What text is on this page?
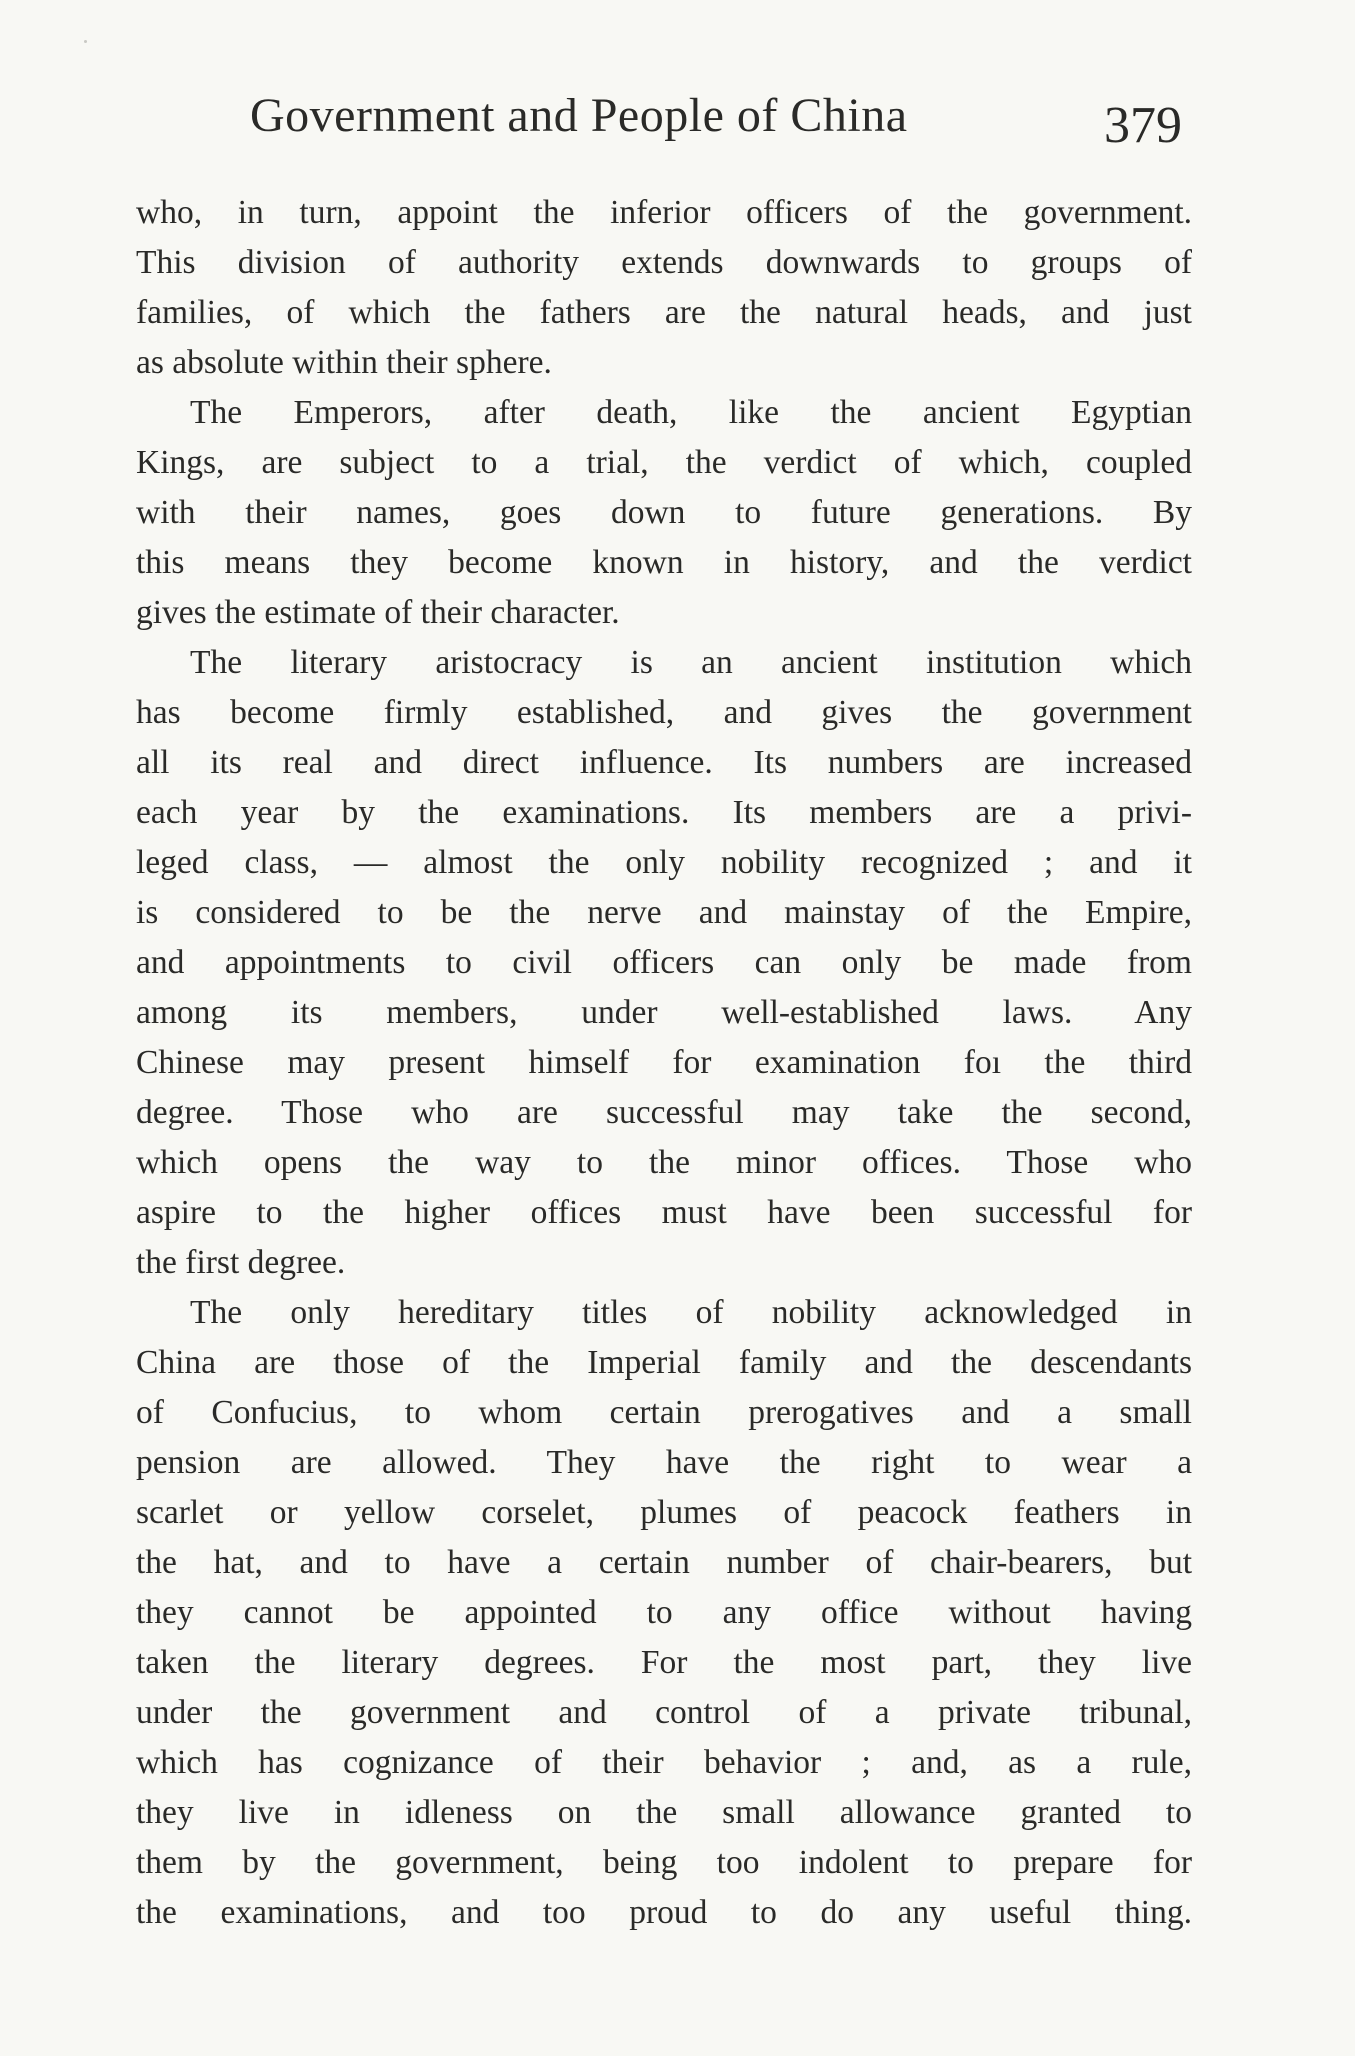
Government and People of China	379
who, in turn, appoint the inferior officers of the government.
This division of authority extends downwards to groups of
families, of which the fathers are the natural heads, and just
as absolute within their sphere.
The Emperors, after death, like the ancient Egyptian
Kings, are subject to a trial, the verdict of which, coupled
with their names, goes down to future generations. By
this means they become known in history, and the verdict
gives the estimate of their character.
The literary aristocracy is an ancient institution which
has become firmly established, and gives the government
all its real and direct influence. Its numbers are increased
each year by the examinations. Its members are a privi-
leged class, — almost the only nobility recognized ; and it
is considered to be the nerve and mainstay of the Empire,
and appointments to civil officers can only be made from
among its members, under well-established laws. Any
Chinese may present himself for examination foı the third
degree. Those who are successful may take the second,
which opens the way to the minor offices. Those who
aspire to the higher offices must have been successful for
the first degree.
The only hereditary titles of nobility acknowledged in
China are those of the Imperial family and the descendants
of Confucius, to whom certain prerogatives and a small
pension are allowed. They have the right to wear a
scarlet or yellow corselet, plumes of peacock feathers in
the hat, and to have a certain number of chair-bearers, but
they cannot be appointed to any office without having
taken the literary degrees. For the most part, they live
under the government and control of a private tribunal,
which has cognizance of their behavior ; and, as a rule,
they live in idleness on the small allowance granted to
them by the government, being too indolent to prepare for
the examinations, and too proud to do any useful thing.
